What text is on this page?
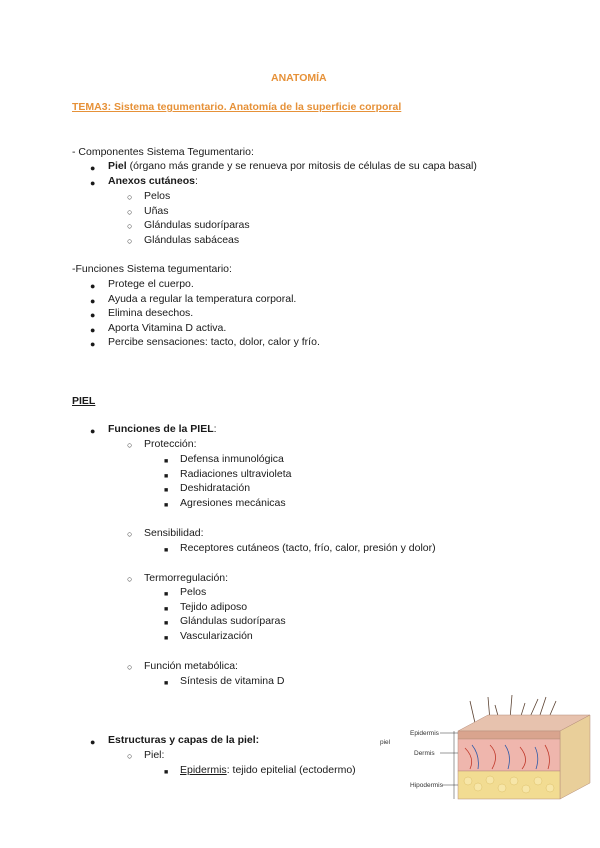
ANATOMÍA
TEMA3: Sistema tegumentario. Anatomía de la superficie corporal
- Componentes Sistema Tegumentario:
● Piel (órgano más grande y se renueva por mitosis de células de su capa basal)
● Anexos cutáneos:
○ Pelos
○ Uñas
○ Glándulas sudoríparas
○ Glándulas sabáceas
-Funciones Sistema tegumentario:
● Protege el cuerpo.
● Ayuda a regular la temperatura corporal.
● Elimina desechos.
● Aporta Vitamina D activa.
● Percibe sensaciones: tacto, dolor, calor y frío.
PIEL
● Funciones de la PIEL:
○ Protección:
■ Defensa inmunológica
■ Radiaciones ultravioleta
■ Deshidratación
■ Agresiones mecánicas
○ Sensibilidad:
■ Receptores cutáneos (tacto, frío, calor, presión y dolor)
○ Termorregulación:
■ Pelos
■ Tejido adiposo
■ Glándulas sudoríparas
■ Vascularización
○ Función metabólica:
■ Síntesis de vitamina D
● Estructuras y capas de la piel:
○ Piel:
■ Epidermis: tejido epitelial (ectodermo)
piel
Epidermis
Dermis
Hipodermis
